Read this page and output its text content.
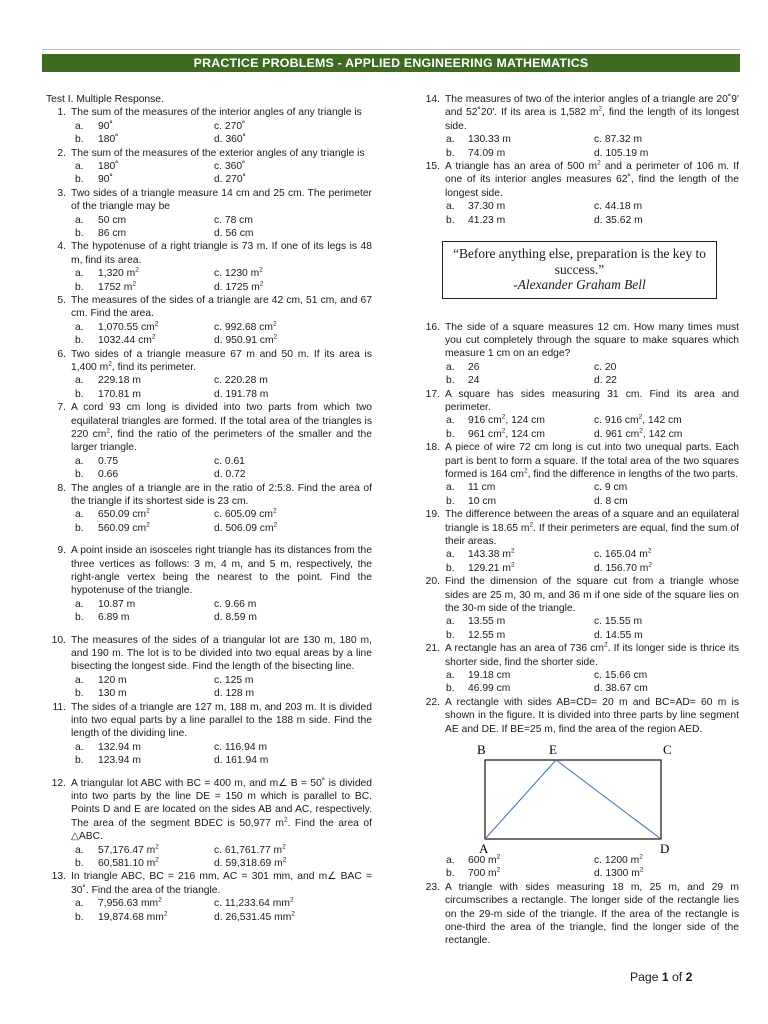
PRACTICE PROBLEMS - APPLIED ENGINEERING MATHEMATICS
Test I. Multiple Response.
1. The sum of the measures of the interior angles of any triangle is
a. 90˚	c. 270˚
b. 180˚	d. 360˚
2. The sum of the measures of the exterior angles of any triangle is
a. 180˚	c. 360˚
b. 90˚	d. 270˚
3. Two sides of a triangle measure 14 cm and 25 cm. The perimeter of the triangle may be
a. 50 cm	c. 78 cm
b. 86 cm	d. 56 cm
4. The hypotenuse of a right triangle is 73 m. If one of its legs is 48 m, find its area.
a. 1,320 $m^2$	c. 1230 $m^2$
b. 1752 $m^2$	d. 1725 $m^2$
5. The measures of the sides of a triangle are 42 cm, 51 cm, and 67 cm. Find the area.
a. 1,070.55 $cm^2$	c. 992.68 $cm^2$
b. 1032.44 $cm^2$	d. 950.91 $cm^2$
6. Two sides of a triangle measure 67 m and 50 m. If its area is 1,400 $m^2$, find its perimeter.
a. 229.18 m	c. 220.28 m
b. 170.81 m	d. 191.78 m
7. A cord 93 cm long is divided into two parts from which two equilateral triangles are formed. If the total area of the triangles is 220 $cm^2$, find the ratio of the perimeters of the smaller and the larger triangle.
a. 0.75	c. 0.61
b. 0.66	d. 0.72
8. The angles of a triangle are in the ratio of 2:5:8. Find the area of the triangle if its shortest side is 23 cm.
a. 650.09 $cm^2$	c. 605.09 $cm^2$
b. 560.09 $cm^2$	d. 506.09 $cm^2$
9. A point inside an isosceles right triangle has its distances from the three vertices as follows: 3 m, 4 m, and 5 m, respectively, the right-angle vertex being the nearest to the point. Find the hypotenuse of the triangle.
a. 10.87 m	c. 9.66 m
b. 6.89 m	d. 8.59 m
10. The measures of the sides of a triangular lot are 130 m, 180 m, and 190 m. The lot is to be divided into two equal areas by a line bisecting the longest side. Find the length of the bisecting line.
a. 120 m	c. 125 m
b. 130 m	d. 128 m
11. The sides of a triangle are 127 m, 188 m, and 203 m. It is divided into two equal parts by a line parallel to the 188 m side. Find the length of the dividing line.
a. 132.94 m	c. 116.94 m
b. 123.94 m	d. 161.94 m
12. A triangular lot ABC with BC = 400 m, and m∠ B = 50˚ is divided into two parts by the line DE = 150 m which is parallel to BC. Points D and E are located on the sides AB and AC, respectively. The area of the segment BDEC is 50,977 $m^2$. Find the area of △ABC.
a. 57,176.47 $m^2$	c. 61,761.77 $m^2$
b. 60,581.10 $m^2$	d. 59,318.69 $m^2$
13. In triangle ABC, BC = 216 mm, AC = 301 mm, and m∠ BAC = 30˚. Find the area of the triangle.
a. 7,956.63 $mm^2$	c. 11,233.64 $mm^2$
b. 19,874.68 $mm^2$	d. 26,531.45 $mm^2$
14. The measures of two of the interior angles of a triangle are 20˚9' and 52˚20'. If its area is 1,582 $m^2$, find the length of its longest side.
a. 130.33 m	c. 87.32 m
b. 74.09 m	d. 105.19 m
15. A triangle has an area of 500 $m^2$ and a perimeter of 106 m. If one of its interior angles measures 62˚, find the length of the longest side.
a. 37.30 m	c. 44.18 m
b. 41.23 m	d. 35.62 m
“Before anything else, preparation is the key to success.”
-Alexander Graham Bell
16. The side of a square measures 12 cm. How many times must you cut completely through the square to make squares which measure 1 cm on an edge?
a. 26	c. 20
b. 24	d. 22
17. A square has sides measuring 31 cm. Find its area and perimeter.
a. 916 $cm^2$, 124 cm	c. 916 $cm^2$, 142 cm
b. 961 $cm^2$, 124 cm	d. 961 $cm^2$, 142 cm
18. A piece of wire 72 cm long is cut into two unequal parts. Each part is bent to form a square. If the total area of the two squares formed is 164 $cm^2$, find the difference in lengths of the two parts.
a. 11 cm	c. 9 cm
b. 10 cm	d. 8 cm
19. The difference between the areas of a square and an equilateral triangle is 18.65 $m^2$. If their perimeters are equal, find the sum of their areas.
a. 143.38 $m^2$	c. 165.04 $m^2$
b. 129.21 $m^2$	d. 156.70 $m^2$
20. Find the dimension of the square cut from a triangle whose sides are 25 m, 30 m, and 36 m if one side of the square lies on the 30-m side of the triangle.
a. 13.55 m	c. 15.55 m
b. 12.55 m	d. 14.55 m
21. A rectangle has an area of 736 $cm^2$. If its longer side is thrice its shorter side, find the shorter side.
a. 19.18 cm	c. 15.66 cm
b. 46.99 cm	d. 38.67 cm
22. A rectangle with sides AB=CD= 20 m and BC=AD= 60 m is shown in the figure. It is divided into three parts by line segment AE and DE. If BE=25 m, find the area of the region AED.
B	E	C
A	D
a. 600 $m^2$	c. 1200 $m^2$
b. 700 $m^2$	d. 1300 $m^2$
23. A triangle with sides measuring 18 m, 25 m, and 29 m circumscribes a rectangle. The longer side of the rectangle lies on the 29-m side of the triangle. If the area of the rectangle is one-third the area of the triangle, find the longer side of the rectangle.
Page 1 of 2
